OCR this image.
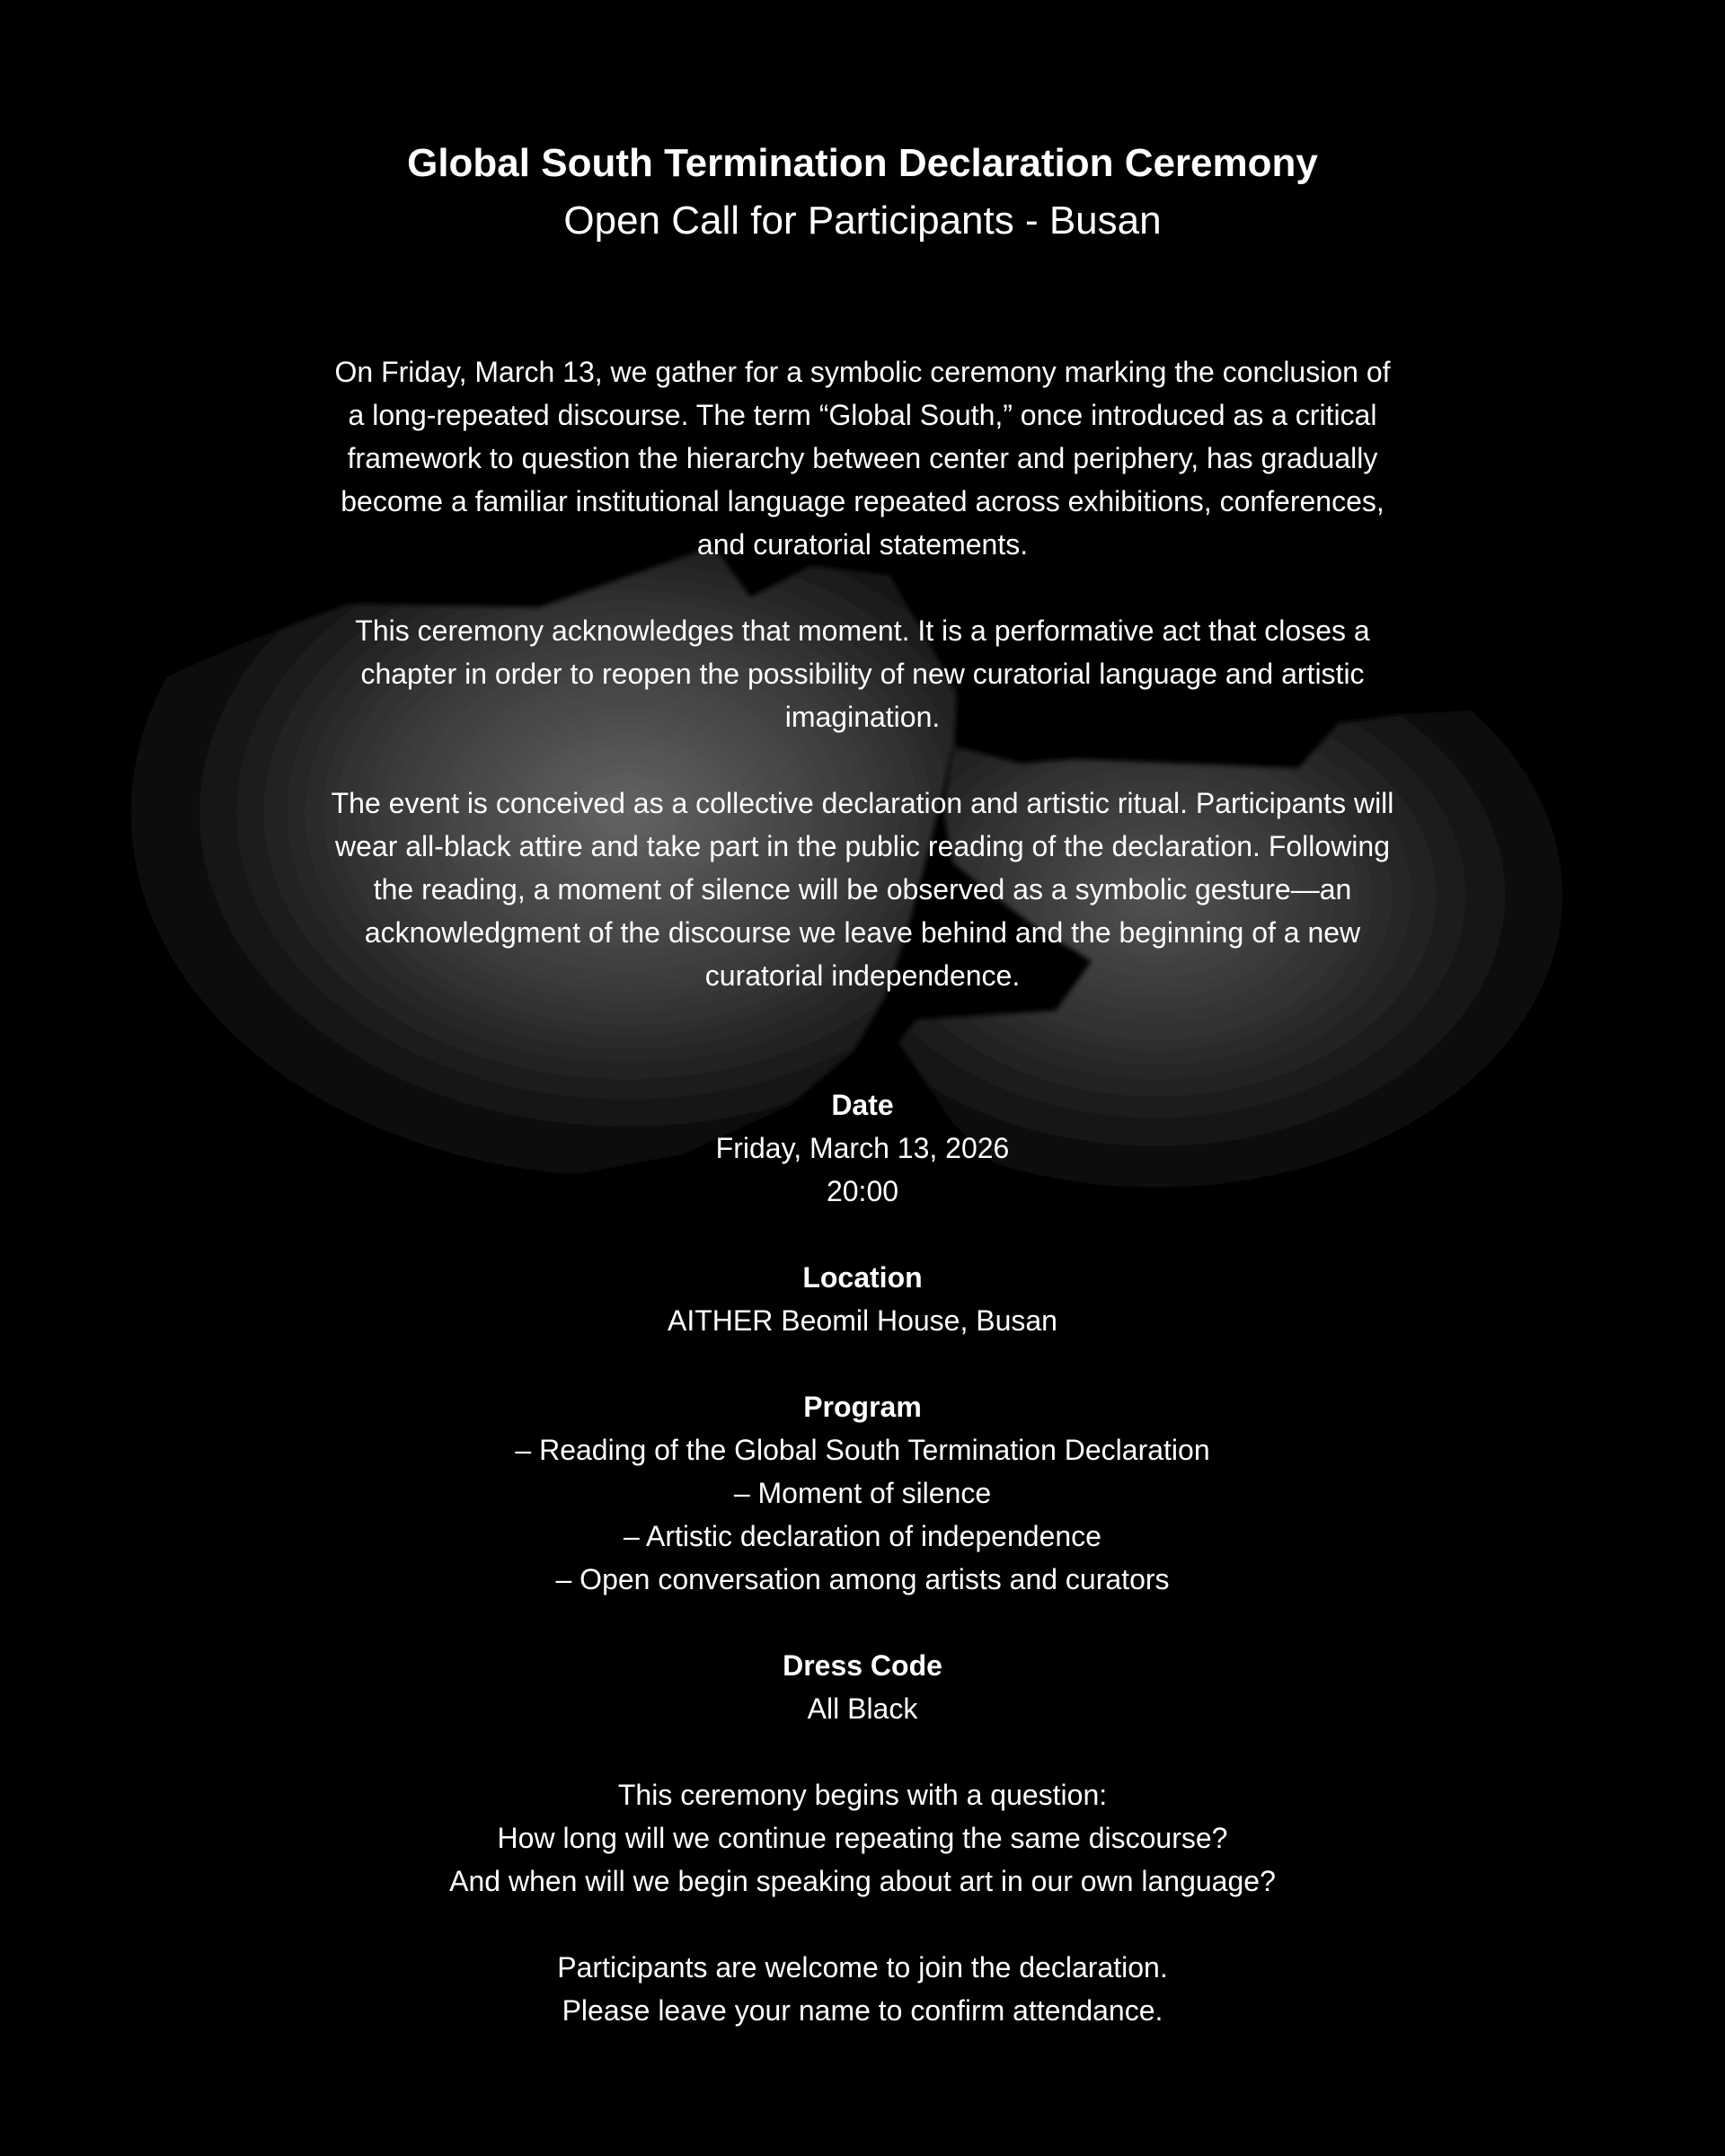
Global South Termination Declaration Ceremony
Open Call for Participants - Busan

On Friday, March 13, we gather for a symbolic ceremony marking the conclusion of a long-repeated discourse. The term “Global South,” once introduced as a critical framework to question the hierarchy between center and periphery, has gradually become a familiar institutional language repeated across exhibitions, conferences, and curatorial statements.

This ceremony acknowledges that moment. It is a performative act that closes a chapter in order to reopen the possibility of new curatorial language and artistic imagination.

The event is conceived as a collective declaration and artistic ritual. Participants will wear all-black attire and take part in the public reading of the declaration. Following the reading, a moment of silence will be observed as a symbolic gesture—an acknowledgment of the discourse we leave behind and the beginning of a new curatorial independence.

Date

Friday, March 13, 2026

20:00

Location

AITHER Beomil House, Busan

Program

– Reading of the Global South Termination Declaration

– Moment of silence

– Artistic declaration of independence

– Open conversation among artists and curators

Dress Code

All Black

This ceremony begins with a question:

How long will we continue repeating the same discourse?

And when will we begin speaking about art in our own language?

Participants are welcome to join the declaration.

Please leave your name to confirm attendance.
